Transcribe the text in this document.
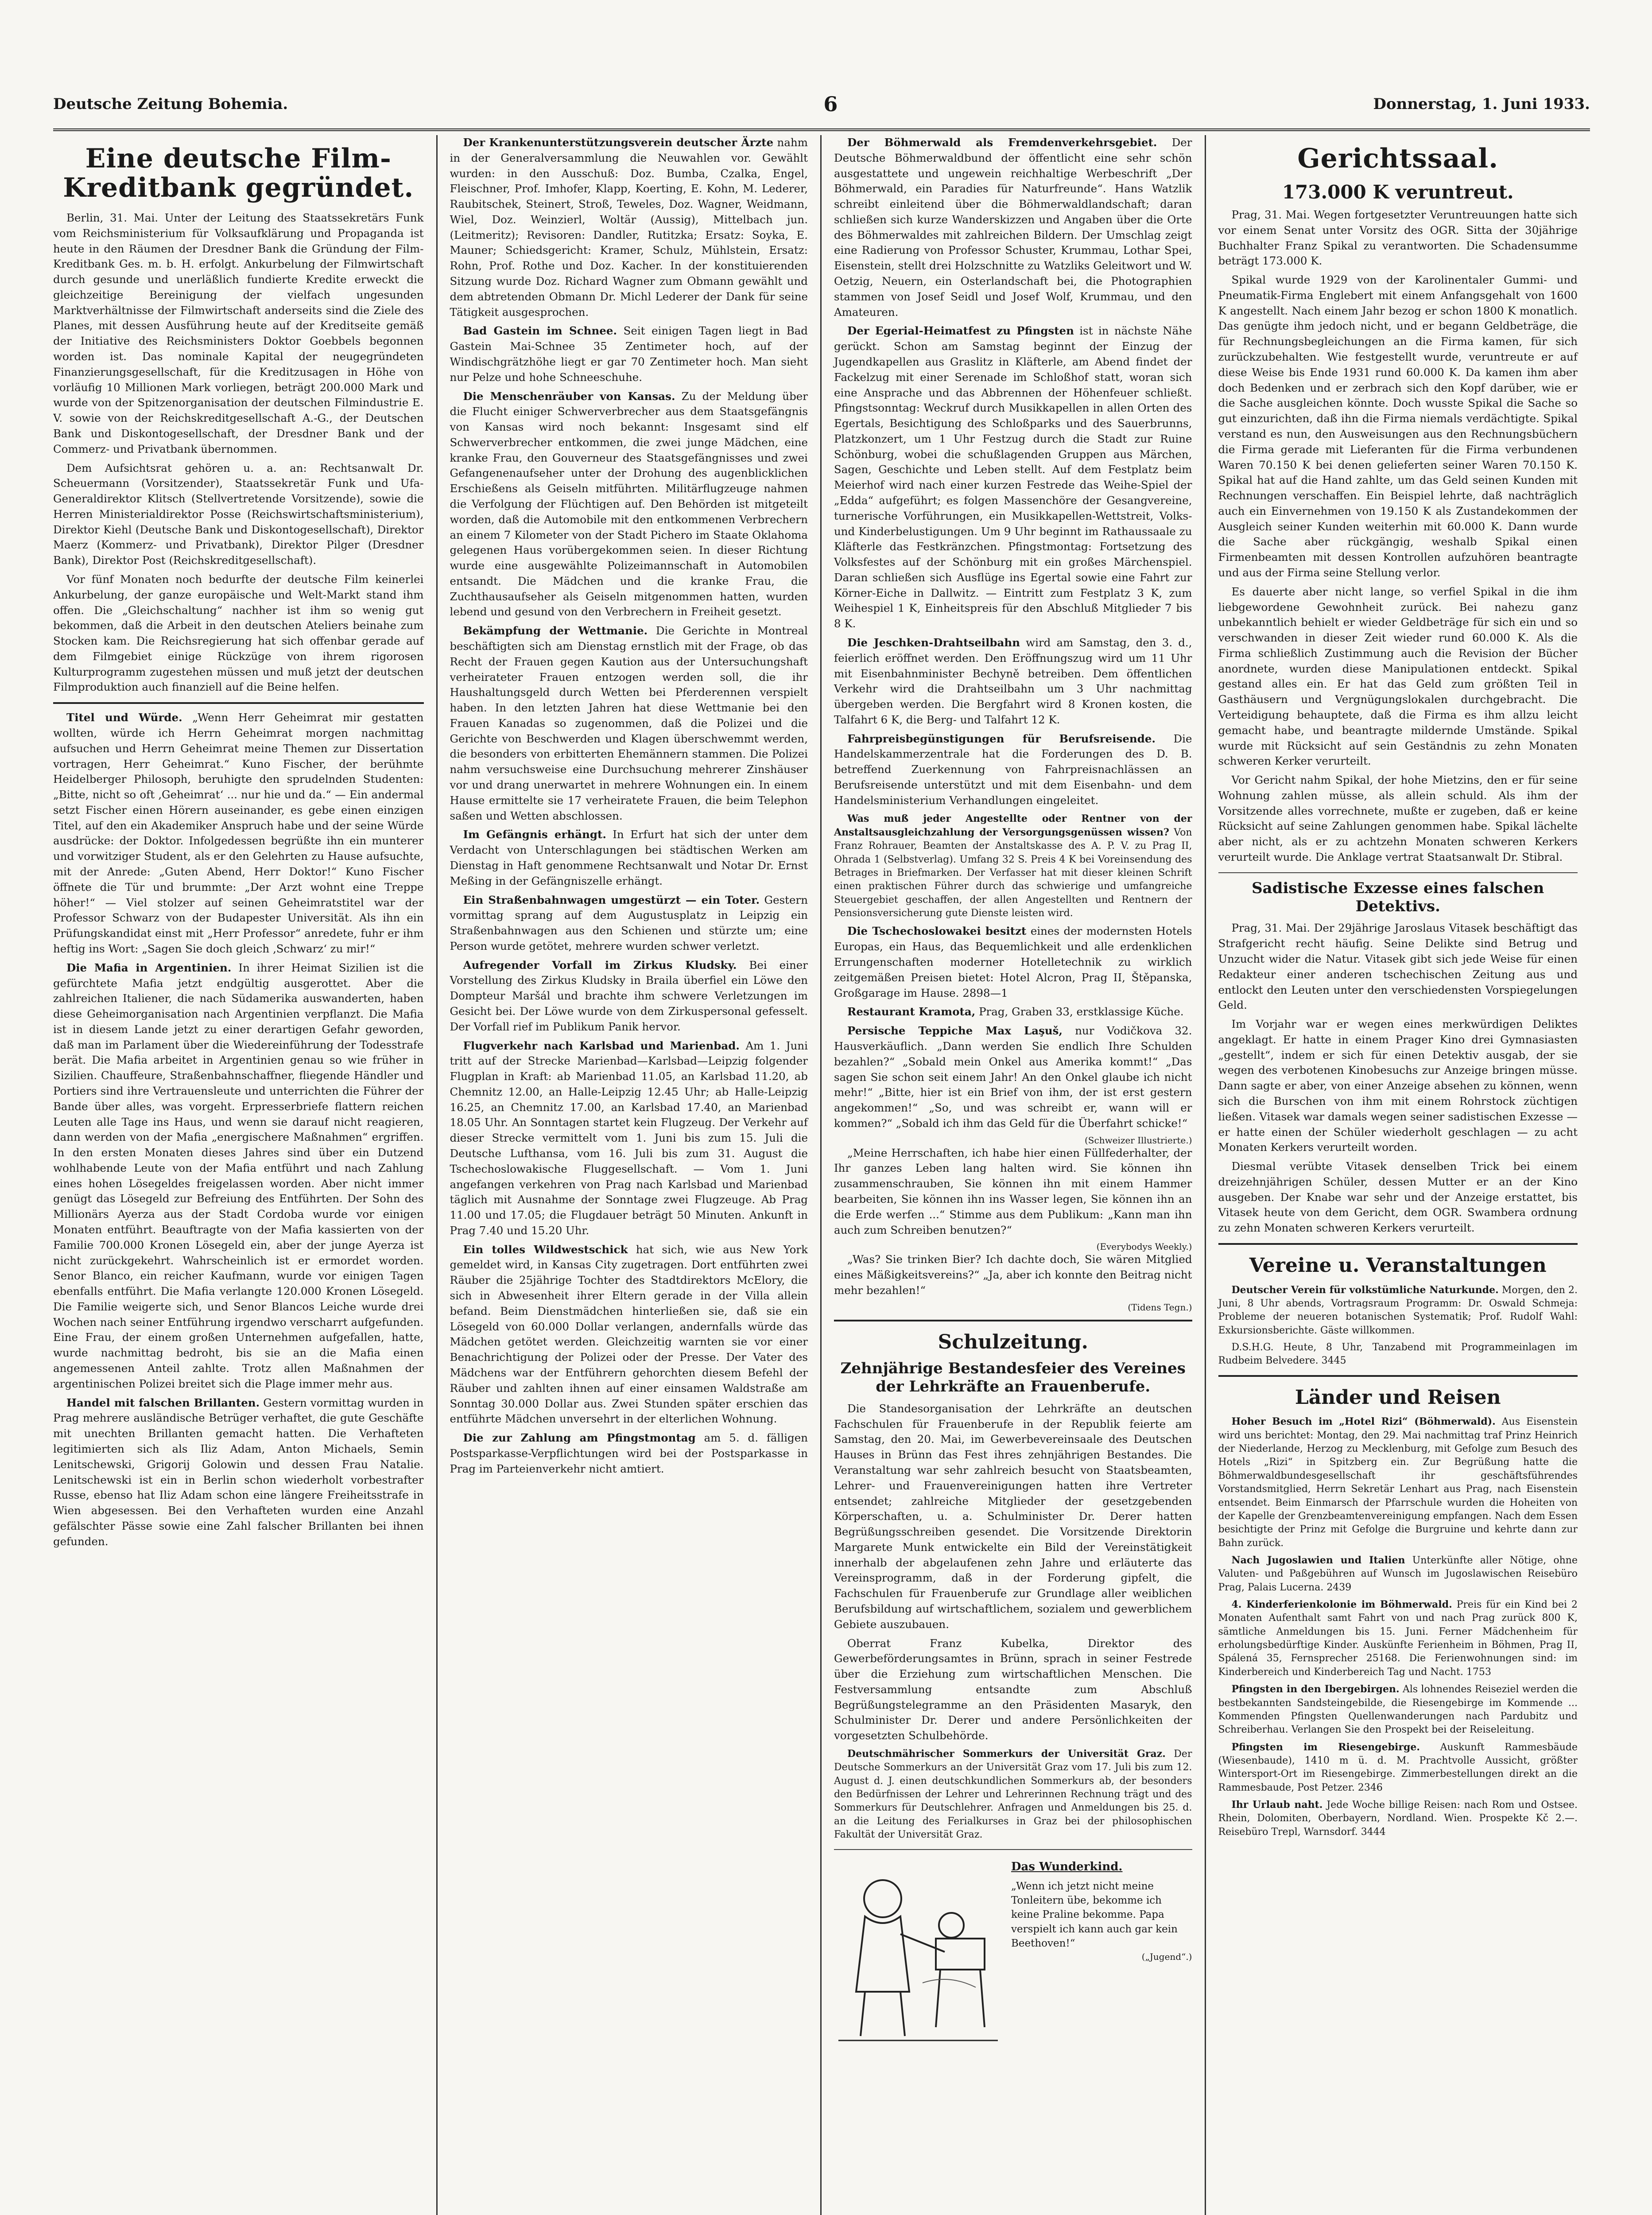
Deutsche Zeitung Bohemia.	6	Donnerstag, 1. Juni 1933.
Eine deutsche Film-Kreditbank gegründet.

Berlin, 31. Mai. Unter der Leitung des Staatssekretärs Funk vom Reichsministerium für Volksaufklärung und Propaganda ist heute in den Räumen der Dresdner Bank die Gründung der Film-Kreditbank Ges. m. b. H. erfolgt. Ankurbelung der Filmwirtschaft durch gesunde und unerläßlich fundierte Kredite erweckt die gleichzeitige Bereinigung der vielfach ungesunden Marktverhältnisse der Filmwirtschaft anderseits sind die Ziele des Planes, mit dessen Ausführung heute auf der Kreditseite gemäß der Initiative des Reichsministers Doktor Goebbels begonnen worden ist. Das nominale Kapital der neugegründeten Finanzierungsgesellschaft, für die Kreditzusagen in Höhe von vorläufig 10 Millionen Mark vorliegen, beträgt 200.000 Mark und wurde von der Spitzenorganisation der deutschen Filmindustrie E. V. sowie von der Reichskreditgesellschaft A.-G., der Deutschen Bank und Diskontogesellschaft, der Dresdner Bank und der Commerz- und Privatbank übernommen.

Dem Aufsichtsrat gehören u. a. an: Rechtsanwalt Dr. Scheuermann (Vorsitzender), Staatssekretär Funk und Ufa-Generaldirektor Klitsch (Stellvertretende Vorsitzende), sowie die Herren Ministerialdirektor Posse (Reichswirtschaftsministerium), Direktor Kiehl (Deutsche Bank und Diskontogesellschaft), Direktor Maerz (Kommerz- und Privatbank), Direktor Pilger (Dresdner Bank), Direktor Post (Reichskreditgesellschaft).

Vor fünf Monaten noch bedurfte der deutsche Film keinerlei Ankurbelung, der ganze europäische und Welt-Markt stand ihm offen. Die „Gleichschaltung“ nachher ist ihm so wenig gut bekommen, daß die Arbeit in den deutschen Ateliers beinahe zum Stocken kam. Die Reichsregierung hat sich offenbar gerade auf dem Filmgebiet einige Rückzüge von ihrem rigorosen Kulturprogramm zugestehen müssen und muß jetzt der deutschen Filmproduktion auch finanziell auf die Beine helfen.

Titel und Würde. „Wenn Herr Geheimrat mir gestatten wollten, würde ich Herrn Geheimrat morgen nachmittag aufsuchen und Herrn Geheimrat meine Themen zur Dissertation vortragen, Herr Geheimrat.“ Kuno Fischer, der berühmte Heidelberger Philosoph, beruhigte den sprudelnden Studenten: „Bitte, nicht so oft ‚Geheimrat‘ ... nur hie und da.“ — Ein andermal setzt Fischer einen Hörern auseinander, es gebe einen einzigen Titel, auf den ein Akademiker Anspruch habe und der seine Würde ausdrücke: der Doktor. Infolgedessen begrüßte ihn ein munterer und vorwitziger Student, als er den Gelehrten zu Hause aufsuchte, mit der Anrede: „Guten Abend, Herr Doktor!“ Kuno Fischer öffnete die Tür und brummte: „Der Arzt wohnt eine Treppe höher!“ — Viel stolzer auf seinen Geheimratstitel war der Professor Schwarz von der Budapester Universität. Als ihn ein Prüfungskandidat einst mit „Herr Professor“ anredete, fuhr er ihm heftig ins Wort: „Sagen Sie doch gleich ‚Schwarz‘ zu mir!“

Die Mafia in Argentinien. In ihrer Heimat Sizilien ist die gefürchtete Mafia jetzt endgültig ausgerottet. Aber die zahlreichen Italiener, die nach Südamerika auswanderten, haben diese Geheimorganisation nach Argentinien verpflanzt. Die Mafia ist in diesem Lande jetzt zu einer derartigen Gefahr geworden, daß man im Parlament über die Wiedereinführung der Todesstrafe berät. Die Mafia arbeitet in Argentinien genau so wie früher in Sizilien. Chauffeure, Straßenbahnschaffner, fliegende Händler und Portiers sind ihre Vertrauensleute und unterrichten die Führer der Bande über alles, was vorgeht. Erpresserbriefe flattern reichen Leuten alle Tage ins Haus, und wenn sie darauf nicht reagieren, dann werden von der Mafia „energischere Maßnahmen“ ergriffen. In den ersten Monaten dieses Jahres sind über ein Dutzend wohlhabende Leute von der Mafia entführt und nach Zahlung eines hohen Lösegeldes freigelassen worden. Aber nicht immer genügt das Lösegeld zur Befreiung des Entführten. Der Sohn des Millionärs Ayerza aus der Stadt Cordoba wurde vor einigen Monaten entführt. Beauftragte von der Mafia kassierten von der Familie 700.000 Kronen Lösegeld ein, aber der junge Ayerza ist nicht zurückgekehrt. Wahrscheinlich ist er ermordet worden. Senor Blanco, ein reicher Kaufmann, wurde vor einigen Tagen ebenfalls entführt. Die Mafia verlangte 120.000 Kronen Lösegeld. Die Familie weigerte sich, und Senor Blancos Leiche wurde drei Wochen nach seiner Entführung irgendwo verscharrt aufgefunden. Eine Frau, der einem großen Unternehmen aufgefallen, hatte, wurde nachmittag bedroht, bis sie an die Mafia einen angemessenen Anteil zahlte. Trotz allen Maßnahmen der argentinischen Polizei breitet sich die Plage immer mehr aus.

Handel mit falschen Brillanten. Gestern vormittag wurden in Prag mehrere ausländische Betrüger verhaftet, die gute Geschäfte mit unechten Brillanten gemacht hatten. Die Verhafteten legitimierten sich als Iliz Adam, Anton Michaels, Semin Lenitschewski, Grigorij Golowin und dessen Frau Natalie. Lenitschewski ist ein in Berlin schon wiederholt vorbestrafter Russe, ebenso hat Iliz Adam schon eine längere Freiheitsstrafe in Wien abgesessen. Bei den Verhafteten wurden eine Anzahl gefälschter Pässe sowie eine Zahl falscher Brillanten bei ihnen gefunden.

Der Krankenunterstützungsverein deutscher Ärzte nahm in der Generalversammlung die Neuwahlen vor. Gewählt wurden: in den Ausschuß: Doz. Bumba, Czalka, Engel, Fleischner, Prof. Imhofer, Klapp, Koerting, E. Kohn, M. Lederer, Raubitschek, Steinert, Stroß, Teweles, Doz. Wagner, Weidmann, Wiel, Doz. Weinzierl, Woltär (Aussig), Mittelbach jun. (Leitmeritz); Revisoren: Dandler, Rutitzka; Ersatz: Soyka, E. Mauner; Schiedsgericht: Kramer, Schulz, Mühlstein, Ersatz: Rohn, Prof. Rothe und Doz. Kacher. In der konstituierenden Sitzung wurde Doz. Richard Wagner zum Obmann gewählt und dem abtretenden Obmann Dr. Michl Lederer der Dank für seine Tätigkeit ausgesprochen.

Bad Gastein im Schnee. Seit einigen Tagen liegt in Bad Gastein Mai-Schnee 35 Zentimeter hoch, auf der Windischgrätzhöhe liegt er gar 70 Zentimeter hoch. Man sieht nur Pelze und hohe Schneeschuhe.

Die Menschenräuber von Kansas. Zu der Meldung über die Flucht einiger Schwerverbrecher aus dem Staatsgefängnis von Kansas wird noch bekannt: Insgesamt sind elf Schwerverbrecher entkommen, die zwei junge Mädchen, eine kranke Frau, den Gouverneur des Staatsgefängnisses und zwei Gefangenenaufseher unter der Drohung des augenblicklichen Erschießens als Geiseln mitführten. Militärflugzeuge nahmen die Verfolgung der Flüchtigen auf. Den Behörden ist mitgeteilt worden, daß die Automobile mit den entkommenen Verbrechern an einem 7 Kilometer von der Stadt Pichero im Staate Oklahoma gelegenen Haus vorübergekommen seien. In dieser Richtung wurde eine ausgewählte Polizeimannschaft in Automobilen entsandt. Die Mädchen und die kranke Frau, die Zuchthausaufseher als Geiseln mitgenommen hatten, wurden lebend und gesund von den Verbrechern in Freiheit gesetzt.

Bekämpfung der Wettmanie. Die Gerichte in Montreal beschäftigten sich am Dienstag ernstlich mit der Frage, ob das Recht der Frauen gegen Kaution aus der Untersuchungshaft verheirateter Frauen entzogen werden soll, die ihr Haushaltungsgeld durch Wetten bei Pferderennen verspielt haben. In den letzten Jahren hat diese Wettmanie bei den Frauen Kanadas so zugenommen, daß die Polizei und die Gerichte von Beschwerden und Klagen überschwemmt werden, die besonders von erbitterten Ehemännern stammen. Die Polizei nahm versuchsweise eine Durchsuchung mehrerer Zinshäuser vor und drang unerwartet in mehrere Wohnungen ein. In einem Hause ermittelte sie 17 verheiratete Frauen, die beim Telephon saßen und Wetten abschlossen.

Im Gefängnis erhängt. In Erfurt hat sich der unter dem Verdacht von Unterschlagungen bei städtischen Werken am Dienstag in Haft genommene Rechtsanwalt und Notar Dr. Ernst Meßing in der Gefängniszelle erhängt.

Ein Straßenbahnwagen umgestürzt — ein Toter. Gestern vormittag sprang auf dem Augustusplatz in Leipzig ein Straßenbahnwagen aus den Schienen und stürzte um; eine Person wurde getötet, mehrere wurden schwer verletzt.

Aufregender Vorfall im Zirkus Kludsky. Bei einer Vorstellung des Zirkus Kludsky in Braila überfiel ein Löwe den Dompteur Maršál und brachte ihm schwere Verletzungen im Gesicht bei. Der Löwe wurde von dem Zirkuspersonal gefesselt. Der Vorfall rief im Publikum Panik hervor.

Flugverkehr nach Karlsbad und Marienbad. Am 1. Juni tritt auf der Strecke Marienbad—Karlsbad—Leipzig folgender Flugplan in Kraft: ab Marienbad 11.05, an Karlsbad 11.20, ab Chemnitz 12.00, an Halle-Leipzig 12.45 Uhr; ab Halle-Leipzig 16.25, an Chemnitz 17.00, an Karlsbad 17.40, an Marienbad 18.05 Uhr. An Sonntagen startet kein Flugzeug. Der Verkehr auf dieser Strecke vermittelt vom 1. Juni bis zum 15. Juli die Deutsche Lufthansa, vom 16. Juli bis zum 31. August die Tschechoslowakische Fluggesellschaft. — Vom 1. Juni angefangen verkehren von Prag nach Karlsbad und Marienbad täglich mit Ausnahme der Sonntage zwei Flugzeuge. Ab Prag 11.00 und 17.05; die Flugdauer beträgt 50 Minuten. Ankunft in Prag 7.40 und 15.20 Uhr.

Ein tolles Wildwestschick hat sich, wie aus New York gemeldet wird, in Kansas City zugetragen. Dort entführten zwei Räuber die 25jährige Tochter des Stadtdirektors McElory, die sich in Abwesenheit ihrer Eltern gerade in der Villa allein befand. Beim Dienstmädchen hinterließen sie, daß sie ein Lösegeld von 60.000 Dollar verlangen, andernfalls würde das Mädchen getötet werden. Gleichzeitig warnten sie vor einer Benachrichtigung der Polizei oder der Presse. Der Vater des Mädchens war der Entführern gehorchten diesem Befehl der Räuber und zahlten ihnen auf einer einsamen Waldstraße am Sonntag 30.000 Dollar aus. Zwei Stunden später erschien das entführte Mädchen unversehrt in der elterlichen Wohnung.

Die zur Zahlung am Pfingstmontag am 5. d. fälligen Postsparkasse-Verpflichtungen wird bei der Postsparkasse in Prag im Parteienverkehr nicht amtiert.

Der Böhmerwald als Fremdenverkehrsgebiet. Der Deutsche Böhmerwaldbund der öffentlicht eine sehr schön ausgestattete und ungewein reichhaltige Werbeschrift „Der Böhmerwald, ein Paradies für Naturfreunde“. Hans Watzlik schreibt einleitend über die Böhmerwaldlandschaft; daran schließen sich kurze Wanderskizzen und Angaben über die Orte des Böhmerwaldes mit zahlreichen Bildern. Der Umschlag zeigt eine Radierung von Professor Schuster, Krummau, Lothar Spei, Eisenstein, stellt drei Holzschnitte zu Watzliks Geleitwort und W. Oetzig, Neuern, ein Osterlandschaft bei, die Photographien stammen von Josef Seidl und Josef Wolf, Krummau, und den Amateuren.

Der Egerial-Heimatfest zu Pfingsten ist in nächste Nähe gerückt. Schon am Samstag beginnt der Einzug der Jugendkapellen aus Graslitz in Kläfterle, am Abend findet der Fackelzug mit einer Serenade im Schloßhof statt, woran sich eine Ansprache und das Abbrennen der Höhenfeuer schließt. Pfingstsonntag: Weckruf durch Musikkapellen in allen Orten des Egertals, Besichtigung des Schloßparks und des Sauerbrunns, Platzkonzert, um 1 Uhr Festzug durch die Stadt zur Ruine Schönburg, wobei die schußlagenden Gruppen aus Märchen, Sagen, Geschichte und Leben stellt. Auf dem Festplatz beim Meierhof wird nach einer kurzen Festrede das Weihe-Spiel der „Edda“ aufgeführt; es folgen Massenchöre der Gesangvereine, turnerische Vorführungen, ein Musikkapellen-Wettstreit, Volks- und Kinderbelustigungen. Um 9 Uhr beginnt im Rathaussaale zu Kläfterle das Festkränzchen. Pfingstmontag: Fortsetzung des Volksfestes auf der Schönburg mit ein großes Märchenspiel. Daran schließen sich Ausflüge ins Egertal sowie eine Fahrt zur Körner-Eiche in Dallwitz. — Eintritt zum Festplatz 3 K, zum Weihespiel 1 K, Einheitspreis für den Abschluß Mitglieder 7 bis 8 K.

Die Jeschken-Drahtseilbahn wird am Samstag, den 3. d., feierlich eröffnet werden. Den Eröffnungszug wird um 11 Uhr mit Eisenbahnminister Bechyně betreiben. Dem öffentlichen Verkehr wird die Drahtseilbahn um 3 Uhr nachmittag übergeben werden. Die Bergfahrt wird 8 Kronen kosten, die Talfahrt 6 K, die Berg- und Talfahrt 12 K.

Fahrpreisbegünstigungen für Berufsreisende. Die Handelskammerzentrale hat die Forderungen des D. B. betreffend Zuerkennung von Fahrpreisnachlässen an Berufsreisende unterstützt und mit dem Eisenbahn- und dem Handelsministerium Verhandlungen eingeleitet.

Was muß jeder Angestellte oder Rentner von der Anstaltsausgleichzahlung der Versorgungsgenüssen wissen? Von Franz Rohrauer, Beamten der Anstaltskasse des A. P. V. zu Prag II, Ohrada 1 (Selbstverlag). Umfang 32 S. Preis 4 K bei Voreinsendung des Betrages in Briefmarken. Der Verfasser hat mit dieser kleinen Schrift einen praktischen Führer durch das schwierige und umfangreiche Steuergebiet geschaffen, der allen Angestellten und Rentnern der Pensionsversicherung gute Dienste leisten wird.

Die Tschechoslowakei besitzt eines der modernsten Hotels Europas, ein Haus, das Bequemlichkeit und alle erdenklichen Errungenschaften moderner Hotelletechnik zu wirklich zeitgemäßen Preisen bietet: Hotel Alcron, Prag II, Štěpanska, Großgarage im Hause. 2898—1

Restaurant Kramota, Prag, Graben 33, erstklassige Küche.

Persische Teppiche Max Laşuš, nur Vodičkova 32. Hausverkäuflich. „Dann werden Sie endlich Ihre Schulden bezahlen?“ „Sobald mein Onkel aus Amerika kommt!“ „Das sagen Sie schon seit einem Jahr! An den Onkel glaube ich nicht mehr!“ „Bitte, hier ist ein Brief von ihm, der ist erst gestern angekommen!“ „So, und was schreibt er, wann will er kommen?“ „Sobald ich ihm das Geld für die Überfahrt schicke!“

(Schweizer Illustrierte.)

„Meine Herrschaften, ich habe hier einen Füllfederhalter, der Ihr ganzes Leben lang halten wird. Sie können ihn zusammenschrauben, Sie können ihn mit einem Hammer bearbeiten, Sie können ihn ins Wasser legen, Sie können ihn an die Erde werfen ...“ Stimme aus dem Publikum: „Kann man ihn auch zum Schreiben benutzen?“

(Everybodys Weekly.)

„Was? Sie trinken Bier? Ich dachte doch, Sie wären Mitglied eines Mäßigkeitsvereins?“ „Ja, aber ich konnte den Beitrag nicht mehr bezahlen!“

(Tidens Tegn.)
Schulzeitung.
Zehnjährige Bestandesfeier des Vereines der Lehrkräfte an Frauenberufe.

Die Standesorganisation der Lehrkräfte an deutschen Fachschulen für Frauenberufe in der Republik feierte am Samstag, den 20. Mai, im Gewerbevereinsaale des Deutschen Hauses in Brünn das Fest ihres zehnjährigen Bestandes. Die Veranstaltung war sehr zahlreich besucht von Staatsbeamten, Lehrer- und Frauenvereinigungen hatten ihre Vertreter entsendet; zahlreiche Mitglieder der gesetzgebenden Körperschaften, u. a. Schulminister Dr. Derer hatten Begrüßungsschreiben gesendet. Die Vorsitzende Direktorin Margarete Munk entwickelte ein Bild der Vereinstätigkeit innerhalb der abgelaufenen zehn Jahre und erläuterte das Vereinsprogramm, daß in der Forderung gipfelt, die Fachschulen für Frauenberufe zur Grundlage aller weiblichen Berufsbildung auf wirtschaftlichem, sozialem und gewerblichem Gebiete auszubauen.

Oberrat Franz Kubelka, Direktor des Gewerbeförderungsamtes in Brünn, sprach in seiner Festrede über die Erziehung zum wirtschaftlichen Menschen. Die Festversammlung entsandte zum Abschluß Begrüßungstelegramme an den Präsidenten Masaryk, den Schulminister Dr. Derer und andere Persönlichkeiten der vorgesetzten Schulbehörde.

Deutschmährischer Sommerkurs der Universität Graz. Der Deutsche Sommerkurs an der Universität Graz vom 17. Juli bis zum 12. August d. J. einen deutschkundlichen Sommerkurs ab, der besonders den Bedürfnissen der Lehrer und Lehrerinnen Rechnung trägt und des Sommerkurs für Deutschlehrer. Anfragen und Anmeldungen bis 25. d. an die Leitung des Ferialkurses in Graz bei der philosophischen Fakultät der Universität Graz.

Das Wunderkind.
„Wenn ich jetzt nicht meine Tonleitern übe, bekomme ich keine Praline bekomme. Papa verspielt ich kann auch gar kein Beethoven!“
(„Jugend“.)
Gerichtssaal.
173.000 K veruntreut.

Prag, 31. Mai. Wegen fortgesetzter Veruntreuungen hatte sich vor einem Senat unter Vorsitz des OGR. Sitta der 30jährige Buchhalter Franz Spikal zu verantworten. Die Schadensumme beträgt 173.000 K.

Spikal wurde 1929 von der Karolinentaler Gummi- und Pneumatik-Firma Englebert mit einem Anfangsgehalt von 1600 K angestellt. Nach einem Jahr bezog er schon 1800 K monatlich. Das genügte ihm jedoch nicht, und er begann Geldbeträge, die für Rechnungsbegleichungen an die Firma kamen, für sich zurückzubehalten. Wie festgestellt wurde, veruntreute er auf diese Weise bis Ende 1931 rund 60.000 K. Da kamen ihm aber doch Bedenken und er zerbrach sich den Kopf darüber, wie er die Sache ausgleichen könnte. Doch wusste Spikal die Sache so gut einzurichten, daß ihn die Firma niemals verdächtigte. Spikal verstand es nun, den Ausweisungen aus den Rechnungsbüchern die Firma gerade mit Lieferanten für die Firma verbundenen Waren 70.150 K bei denen gelieferten seiner Waren 70.150 K. Spikal hat auf die Hand zahlte, um das Geld seinen Kunden mit Rechnungen verschaffen. Ein Beispiel lehrte, daß nachträglich auch ein Einvernehmen von 19.150 K als Zustandekommen der Ausgleich seiner Kunden weiterhin mit 60.000 K. Dann wurde die Sache aber rückgängig, weshalb Spikal einen Firmenbeamten mit dessen Kontrollen aufzuhören beantragte und aus der Firma seine Stellung verlor.

Es dauerte aber nicht lange, so verfiel Spikal in die ihm liebgewordene Gewohnheit zurück. Bei nahezu ganz unbekanntlich behielt er wieder Geldbeträge für sich ein und so verschwanden in dieser Zeit wieder rund 60.000 K. Als die Firma schließlich Zustimmung auch die Revision der Bücher anordnete, wurden diese Manipulationen entdeckt. Spikal gestand alles ein. Er hat das Geld zum größten Teil in Gasthäusern und Vergnügungslokalen durchgebracht. Die Verteidigung behauptete, daß die Firma es ihm allzu leicht gemacht habe, und beantragte mildernde Umstände. Spikal wurde mit Rücksicht auf sein Geständnis zu zehn Monaten schweren Kerker verurteilt.

Vor Gericht nahm Spikal, der hohe Mietzins, den er für seine Wohnung zahlen müsse, als allein schuld. Als ihm der Vorsitzende alles vorrechnete, mußte er zugeben, daß er keine Rücksicht auf seine Zahlungen genommen habe. Spikal lächelte aber nicht, als er zu achtzehn Monaten schweren Kerkers verurteilt wurde. Die Anklage vertrat Staatsanwalt Dr. Stibral.

Sadistische Exzesse eines falschen Detektivs.

Prag, 31. Mai. Der 29jährige Jaroslaus Vitasek beschäftigt das Strafgericht recht häufig. Seine Delikte sind Betrug und Unzucht wider die Natur. Vitasek gibt sich jede Weise für einen Redakteur einer anderen tschechischen Zeitung aus und entlockt den Leuten unter den verschiedensten Vorspiegelungen Geld.

Im Vorjahr war er wegen eines merkwürdigen Deliktes angeklagt. Er hatte in einem Prager Kino drei Gymnasiasten „gestellt“, indem er sich für einen Detektiv ausgab, der sie wegen des verbotenen Kinobesuchs zur Anzeige bringen müsse. Dann sagte er aber, von einer Anzeige absehen zu können, wenn sich die Burschen von ihm mit einem Rohrstock züchtigen ließen. Vitasek war damals wegen seiner sadistischen Exzesse — er hatte einen der Schüler wiederholt geschlagen — zu acht Monaten Kerkers verurteilt worden.

Diesmal verübte Vitasek denselben Trick bei einem dreizehnjährigen Schüler, dessen Mutter er an der Kino ausgeben. Der Knabe war sehr und der Anzeige erstattet, bis Vitasek heute von dem Gericht, dem OGR. Swambera ordnung zu zehn Monaten schweren Kerkers verurteilt.

Vereine u. Veranstaltungen

Deutscher Verein für volkstümliche Naturkunde. Morgen, den 2. Juni, 8 Uhr abends, Vortragsraum Programm: Dr. Oswald Schmeja: Probleme der neueren botanischen Systematik; Prof. Rudolf Wahl: Exkursionsberichte. Gäste willkommen.

D.S.H.G. Heute, 8 Uhr, Tanzabend mit Programmeinlagen im Rudbeim Belvedere. 3445

Länder und Reisen

Hoher Besuch im „Hotel Rizi“ (Böhmerwald). Aus Eisenstein wird uns berichtet: Montag, den 29. Mai nachmittag traf Prinz Heinrich der Niederlande, Herzog zu Mecklenburg, mit Gefolge zum Besuch des Hotels „Rizi“ in Spitzberg ein. Zur Begrüßung hatte die Böhmerwaldbundesgesellschaft ihr geschäftsführendes Vorstandsmitglied, Herrn Sekretär Lenhart aus Prag, nach Eisenstein entsendet. Beim Einmarsch der Pfarrschule wurden die Hoheiten von der Kapelle der Grenzbeamtenvereinigung empfangen. Nach dem Essen besichtigte der Prinz mit Gefolge die Burgruine und kehrte dann zur Bahn zurück.

Nach Jugoslawien und Italien Unterkünfte aller Nötige, ohne Valuten- und Paßgebühren auf Wunsch im Jugoslawischen Reisebüro Prag, Palais Lucerna. 2439

4. Kinderferienkolonie im Böhmerwald. Preis für ein Kind bei 2 Monaten Aufenthalt samt Fahrt von und nach Prag zurück 800 K, sämtliche Anmeldungen bis 15. Juni. Ferner Mädchenheim für erholungsbedürftige Kinder. Auskünfte Ferienheim in Böhmen, Prag II, Spálená 35, Fernsprecher 25168. Die Ferienwohnungen sind: im Kinderbereich und Kinderbereich Tag und Nacht. 1753

Pfingsten in den Ibergebirgen. Als lohnendes Reiseziel werden die bestbekannten Sandsteingebilde, die Riesengebirge im Kommende ... Kommenden Pfingsten Quellenwanderungen nach Pardubitz und Schreiberhau. Verlangen Sie den Prospekt bei der Reiseleitung.

Pfingsten im Riesengebirge. Auskunft Rammesbäude (Wiesenbaude), 1410 m ü. d. M. Prachtvolle Aussicht, größter Wintersport-Ort im Riesengebirge. Zimmerbestellungen direkt an die Rammesbaude, Post Petzer. 2346

Ihr Urlaub naht. Jede Woche billige Reisen: nach Rom und Ostsee. Rhein, Dolomiten, Oberbayern, Nordland. Wien. Prospekte Kč 2.—. Reisebüro Trepl, Warnsdorf. 3444
